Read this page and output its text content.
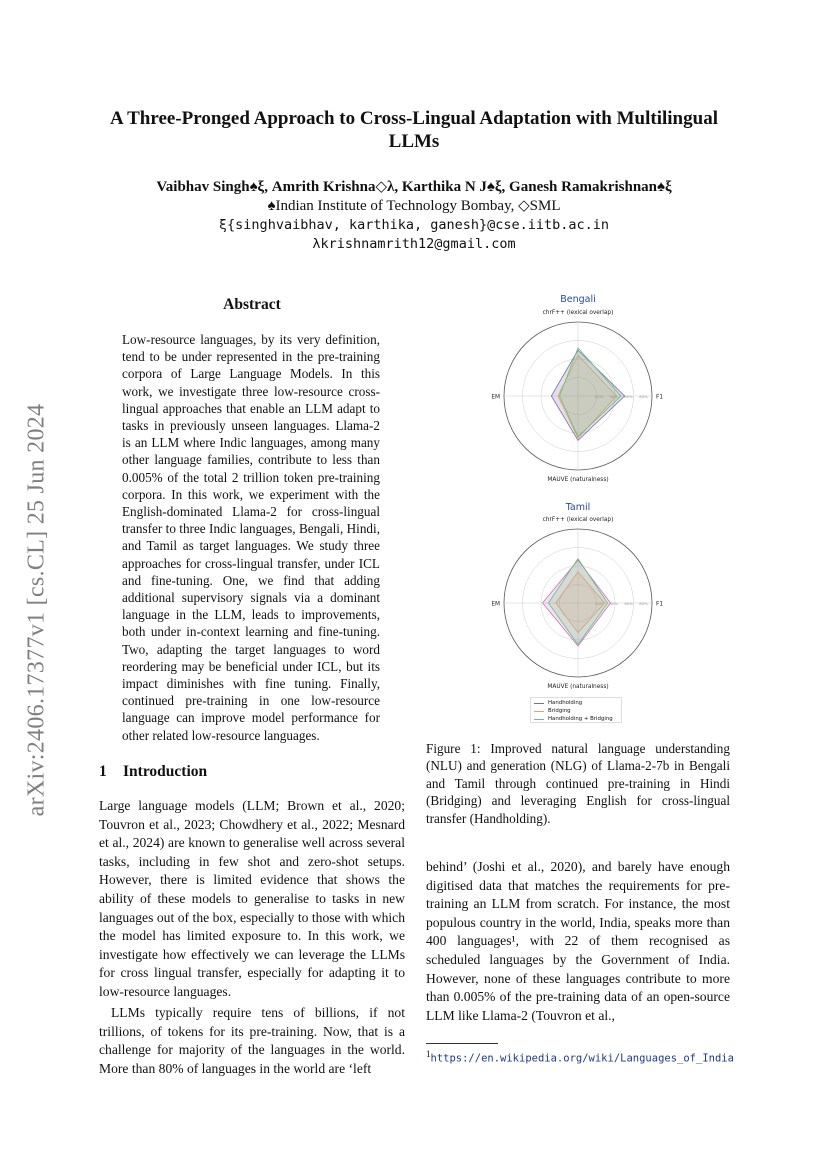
arXiv:2406.17377v1 [cs.CL] 25 Jun 2024
A Three-Pronged Approach to Cross-Lingual Adaptation with Multilingual LLMs
Vaibhav Singh♠ξ, Amrith Krishna◇λ, Karthika N J♠ξ, Ganesh Ramakrishnan♠ξ
♠Indian Institute of Technology Bombay, ◇SML
ξ{singhvaibhav, karthika, ganesh}@cse.iitb.ac.in
λkrishnamrith12@gmail.com
Abstract
Low-resource languages, by its very definition, tend to be under represented in the pre-training corpora of Large Language Models. In this work, we investigate three low-resource cross-lingual approaches that enable an LLM adapt to tasks in previously unseen languages. Llama-2 is an LLM where Indic languages, among many other language families, contribute to less than 0.005% of the total 2 trillion token pre-training corpora. In this work, we experiment with the English-dominated Llama-2 for cross-lingual transfer to three Indic languages, Bengali, Hindi, and Tamil as target languages. We study three approaches for cross-lingual transfer, under ICL and fine-tuning. One, we find that adding additional supervisory signals via a dominant language in the LLM, leads to improvements, both under in-context learning and fine-tuning. Two, adapting the target languages to word reordering may be beneficial under ICL, but its impact diminishes with fine tuning. Finally, continued pre-training in one low-resource language can improve model performance for other related low-resource languages.
1 Introduction
Large language models (LLM; Brown et al., 2020; Touvron et al., 2023; Chowdhery et al., 2022; Mesnard et al., 2024) are known to generalise well across several tasks, including in few shot and zero-shot setups. However, there is limited evidence that shows the ability of these models to generalise to tasks in new languages out of the box, especially to those with which the model has limited exposure to. In this work, we investigate how effectively we can leverage the LLMs for cross lingual transfer, especially for adapting it to low-resource languages.
LLMs typically require tens of billions, if not trillions, of tokens for its pre-training. Now, that is a challenge for majority of the languages in the world. More than 80% of languages in the world are ‘left
Bengali
20% 40% 60% 80%
chrF++ (lexical overlap)
F1
MAUVE (naturalness)
EM
Tamil
20% 40% 60% 80%
chrF++ (lexical overlap)
F1
MAUVE (naturalness)
EM
Handholding
Bridging
Handholding + Bridging
Figure 1: Improved natural language understanding (NLU) and generation (NLG) of Llama-2-7b in Bengali and Tamil through continued pre-training in Hindi (Bridging) and leveraging English for cross-lingual transfer (Handholding).
behind’ (Joshi et al., 2020), and barely have enough digitised data that matches the requirements for pre-training an LLM from scratch. For instance, the most populous country in the world, India, speaks more than 400 languages¹, with 22 of them recognised as scheduled languages by the Government of India. However, none of these languages contribute to more than 0.005% of the pre-training data of an open-source LLM like Llama-2 (Touvron et al.,
$^1$https://en.wikipedia.org/wiki/Languages_of_India
